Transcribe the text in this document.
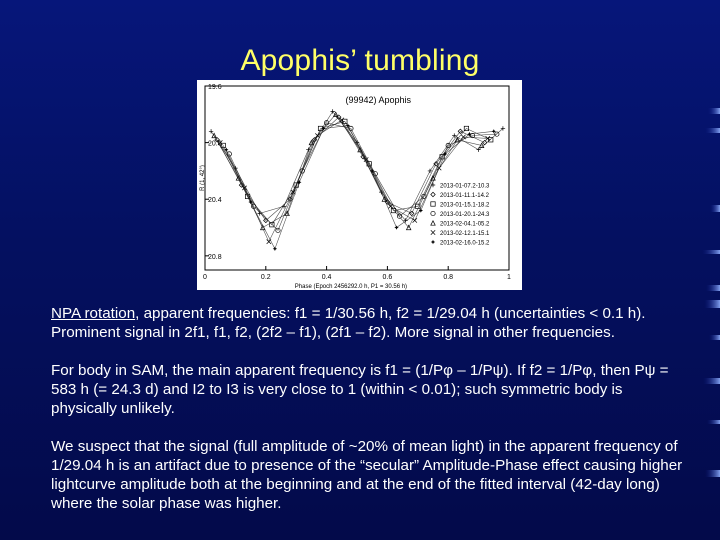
Apophis’ tumbling
0	0.2	0.4	0.6	0.8	1
19.6
20.0
20.4
20.8
(99942) Apophis
Phase (Epoch 2456292.0 h, P1 = 30.56 h)
R (1, 42°)	2013-01-07.2-10.3
2013-01-11.1-14.2
2013-01-15.1-18.2
2013-01-20.1-24.3
2013-02-04.1-05.2
2013-02-12.1-15.1
2013-02-16.0-15.2
NPA rotation, apparent frequencies: f1 = 1/30.56 h, f2 = 1/29.04 h (uncertainties < 0.1 h).
Prominent signal in 2f1, f1, f2, (2f2 – f1), (2f1 – f2). More signal in other frequencies.
For body in SAM, the main apparent frequency is f1 = (1/Pφ – 1/Pψ). If f2 = 1/Pφ, then Pψ = 583 h (= 24.3 d) and I2 to I3 is very close to 1 (within < 0.01); such symmetric body is physically unlikely.
We suspect that the signal (full amplitude of ~20% of mean light) in the apparent frequency of 1/29.04 h is an artifact due to presence of the “secular” Amplitude-Phase effect causing higher lightcurve amplitude both at the beginning and at the end of the fitted interval (42-day long) where the solar phase was higher.
